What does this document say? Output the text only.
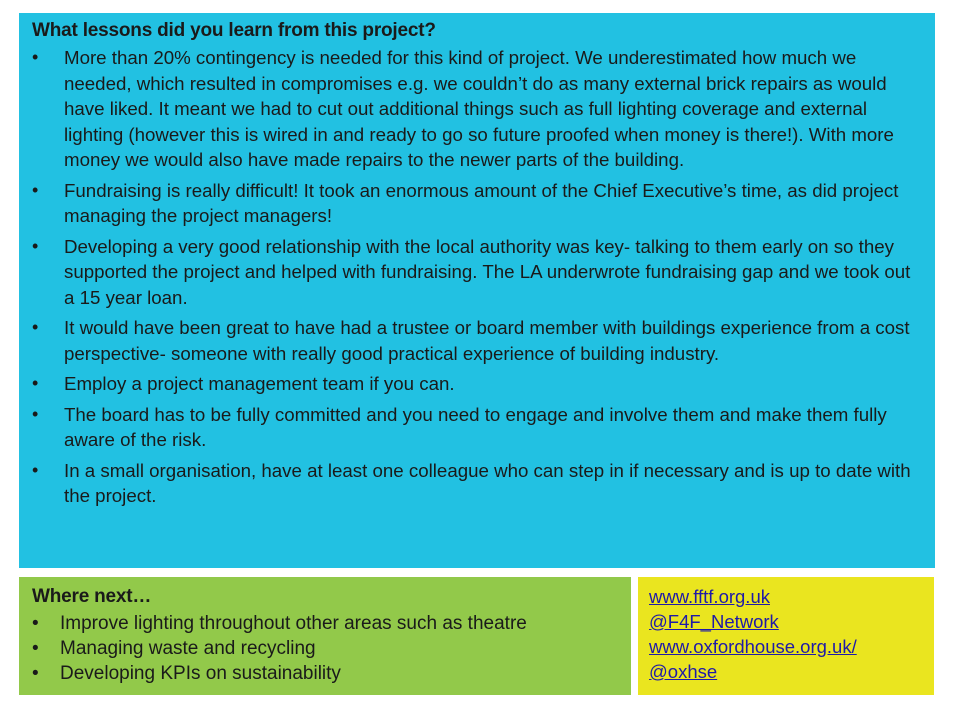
What lessons did you learn from this project?
• More than 20% contingency is needed for this kind of project. We underestimated how much we needed, which resulted in compromises e.g. we couldn’t do as many external brick repairs as would have liked. It meant we had to cut out additional things such as full lighting coverage and external lighting (however this is wired in and ready to go so future proofed when money is there!). With more money we would also have made repairs to the newer parts of the building.
• Fundraising is really difficult! It took an enormous amount of the Chief Executive’s time, as did project managing the project managers!
• Developing a very good relationship with the local authority was key- talking to them early on so they supported the project and helped with fundraising. The LA underwrote fundraising gap and we took out a 15 year loan.
• It would have been great to have had a trustee or board member with buildings experience from a cost perspective- someone with really good practical experience of building industry.
• Employ a project management team if you can.
• The board has to be fully committed and you need to engage and involve them and make them fully aware of the risk.
• In a small organisation, have at least one colleague who can step in if necessary and is up to date with the project.
Where next…
• Improve lighting throughout other areas such as theatre
• Managing waste and recycling
• Developing KPIs on sustainability
www.fftf.org.uk
@F4F_Network
www.oxfordhouse.org.uk/
@oxhse
